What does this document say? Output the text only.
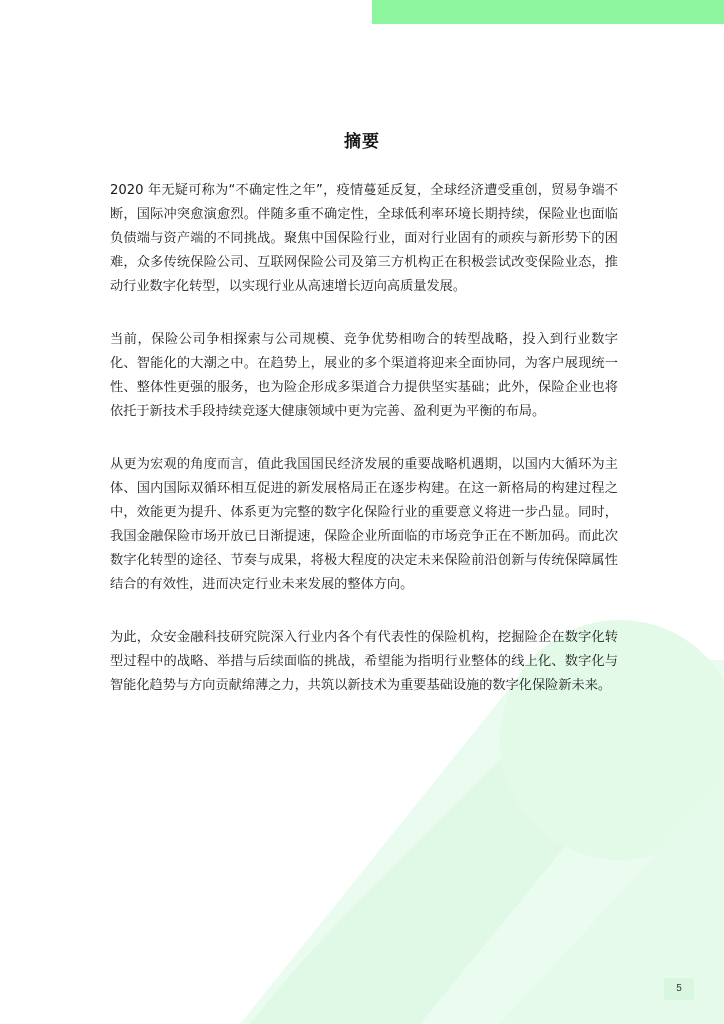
摘要

2020 年无疑可称为“不确定性之年”，疫情蔓延反复，全球经济遭受重创，贸易争端不断，国际冲突愈演愈烈。伴随多重不确定性，全球低利率环境长期持续，保险业也面临负债端与资产端的不同挑战。聚焦中国保险行业，面对行业固有的顽疾与新形势下的困难，众多传统保险公司、互联网保险公司及第三方机构正在积极尝试改变保险业态，推动行业数字化转型，以实现行业从高速增长迈向高质量发展。

当前，保险公司争相探索与公司规模、竞争优势相吻合的转型战略，投入到行业数字化、智能化的大潮之中。在趋势上，展业的多个渠道将迎来全面协同，为客户展现统一性、整体性更强的服务，也为险企形成多渠道合力提供坚实基础；此外，保险企业也将依托于新技术手段持续竞逐大健康领域中更为完善、盈利更为平衡的布局。

从更为宏观的角度而言，值此我国国民经济发展的重要战略机遇期，以国内大循环为主体、国内国际双循环相互促进的新发展格局正在逐步构建。在这一新格局的构建过程之中，效能更为提升、体系更为完整的数字化保险行业的重要意义将进一步凸显。同时，我国金融保险市场开放已日渐提速，保险企业所面临的市场竞争正在不断加码。而此次数字化转型的途径、节奏与成果，将极大程度的决定未来保险前沿创新与传统保障属性结合的有效性，进而决定行业未来发展的整体方向。

为此，众安金融科技研究院深入行业内各个有代表性的保险机构，挖掘险企在数字化转型过程中的战略、举措与后续面临的挑战，希望能为指明行业整体的线上化、数字化与智能化趋势与方向贡献绵薄之力，共筑以新技术为重要基础设施的数字化保险新未来。

5
